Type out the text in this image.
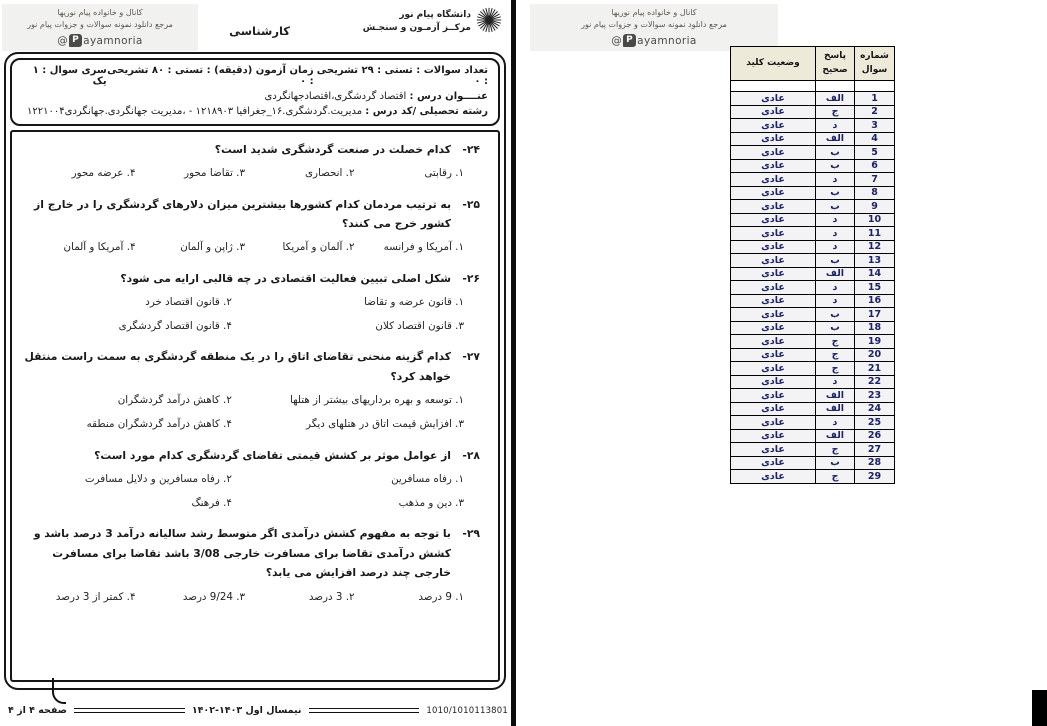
دانشگاه پیام نور
مرکــز آزمـون و سنجـش
کارشناسی
کانال و خانواده پیام نوریها
مرجع دانلود نمونه سوالات و جزوات پیام نور
@ P ayamnoria
تعداد سوالات : تستی : ۲۹ تشریحی : ۰
زمان آزمون (دقیقه) : تستی : ۸۰ تشریحی : ۰
سری سوال : ۱ یک
عنــــوان درس : اقتصاد گردشگری،اقتصادجهانگردی
رشته تحصیلی /کد درس : مدیریت.گردشگری.۱۶_جغرافیا ۱۲۱۸۹۰۳ - ،مدیریت جهانگردی.جهانگردی۱۲۲۱۰۰۴
۲۴-
کدام خصلت در صنعت گردشگری شدید است؟
۱. رقابتی
۲. انحصاری
۳. تقاضا محور
۴. عرضه محور
۲۵-
به ترتیب مردمان کدام کشورها بیشترین میزان دلارهای گردشگری را در خارج از کشور خرج می کنند؟
۱. آمریکا و فرانسه
۲. آلمان و آمریکا
۳. ژاپن و آلمان
۴. آمریکا و آلمان
۲۶-
شکل اصلی تبیین فعالیت اقتصادی در چه قالبی ارایه می شود؟
۱. قانون عرضه و تقاضا
۲. قانون اقتصاد خرد
۳. قانون اقتصاد کلان
۴. قانون اقتصاد گردشگری
۲۷-
کدام گزینه منحنی تقاضای اتاق را در یک منطقه گردشگری به سمت راست منتقل خواهد کرد؟
۱. توسعه و بهره برداریهای بیشتر از هتلها
۲. کاهش درآمد گردشگران
۳. افزایش قیمت اتاق در هتلهای دیگر
۴. کاهش درآمد گردشگران منطقه
۲۸-
از عوامل موثر بر کشش قیمتی تقاضای گردشگری کدام مورد است؟
۱. رفاه مسافرین
۲. رفاه مسافرین و دلایل مسافرت
۳. دین و مذهب
۴. فرهنگ
۲۹-
با توجه به مفهوم کشش درآمدی اگر متوسط رشد سالیانه درآمد 3 درصد باشد و کشش درآمدی تقاضا برای مسافرت خارجی 3/08 باشد تقاضا برای مسافرت خارجی چند درصد افزایش می یابد؟
۱. 9 درصد
۲. 3 درصد
۳. 9/24 درصد
۴. کمتر از 3 درصد
1010/1010113801
نیمسال اول ۱۴۰۳-۱۴۰۲
صفحه ۴ از ۴
کانال و خانواده پیام نوریها
مرجع دانلود نمونه سوالات و جزوات پیام نور
@ P ayamnoria
شماره سوال	پاسخ صحیح	وضعیت کلید

1	الف	عادی
2	ج	عادی
3	د	عادی
4	الف	عادی
5	ب	عادی
6	ب	عادی
7	د	عادی
8	ب	عادی
9	ب	عادی
10	د	عادی
11	د	عادی
12	د	عادی
13	ب	عادی
14	الف	عادی
15	د	عادی
16	د	عادی
17	ب	عادی
18	ب	عادی
19	ج	عادی
20	ج	عادی
21	ج	عادی
22	د	عادی
23	الف	عادی
24	الف	عادی
25	د	عادی
26	الف	عادی
27	ج	عادی
28	ب	عادی
29	ج	عادی
